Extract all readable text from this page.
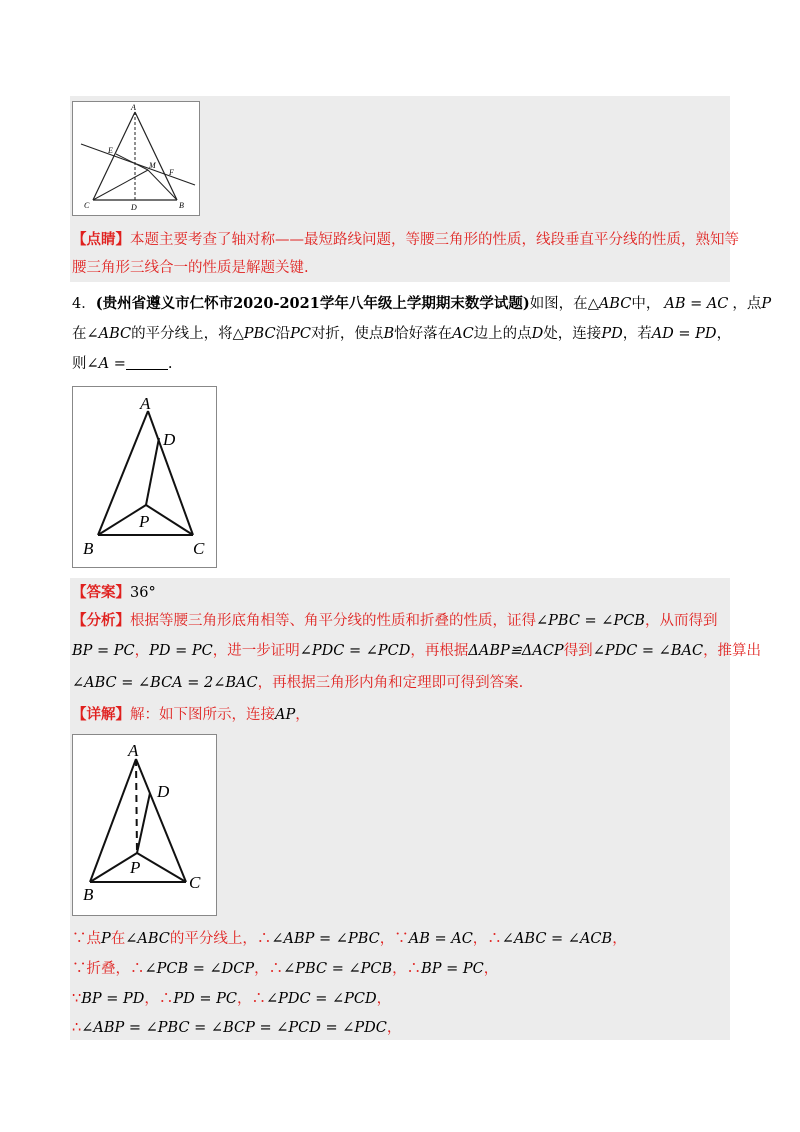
A
E
M
F
C	D	B
【点睛】本题主要考查了轴对称——最短路线问题，等腰三角形的性质，线段垂直平分线的性质，熟知等
腰三角形三线合一的性质是解题关键.
4．(贵州省遵义市仁怀市2020-2021学年八年级上学期期末数学试题)如图，在△ABC中， AB = AC ，点P
在∠ABC的平分线上，将△PBC沿PC对折，使点B恰好落在AC边上的点D处，连接PD，若AD = PD，
则∠A =	.
A
D
P
B	C
【答案】36°
【分析】根据等腰三角形底角相等、角平分线的性质和折叠的性质，证得∠PBC = ∠PCB，从而得到
BP = PC，PD = PC，进一步证明∠PDC = ∠PCD，再根据ΔABP≌ΔACP得到∠PDC = ∠BAC，推算出
∠ABC = ∠BCA = 2∠BAC，再根据三角形内角和定理即可得到答案.
【详解】解：如下图所示，连接AP，
A
D
P
B
C
∵点P在∠ABC的平分线上，∴∠ABP = ∠PBC，∵AB = AC，∴∠ABC = ∠ACB，
∵折叠，∴∠PCB = ∠DCP，∴∠PBC = ∠PCB，∴BP = PC，
∵BP = PD，∴PD = PC，∴∠PDC = ∠PCD，
∴∠ABP = ∠PBC = ∠BCP = ∠PCD = ∠PDC，
